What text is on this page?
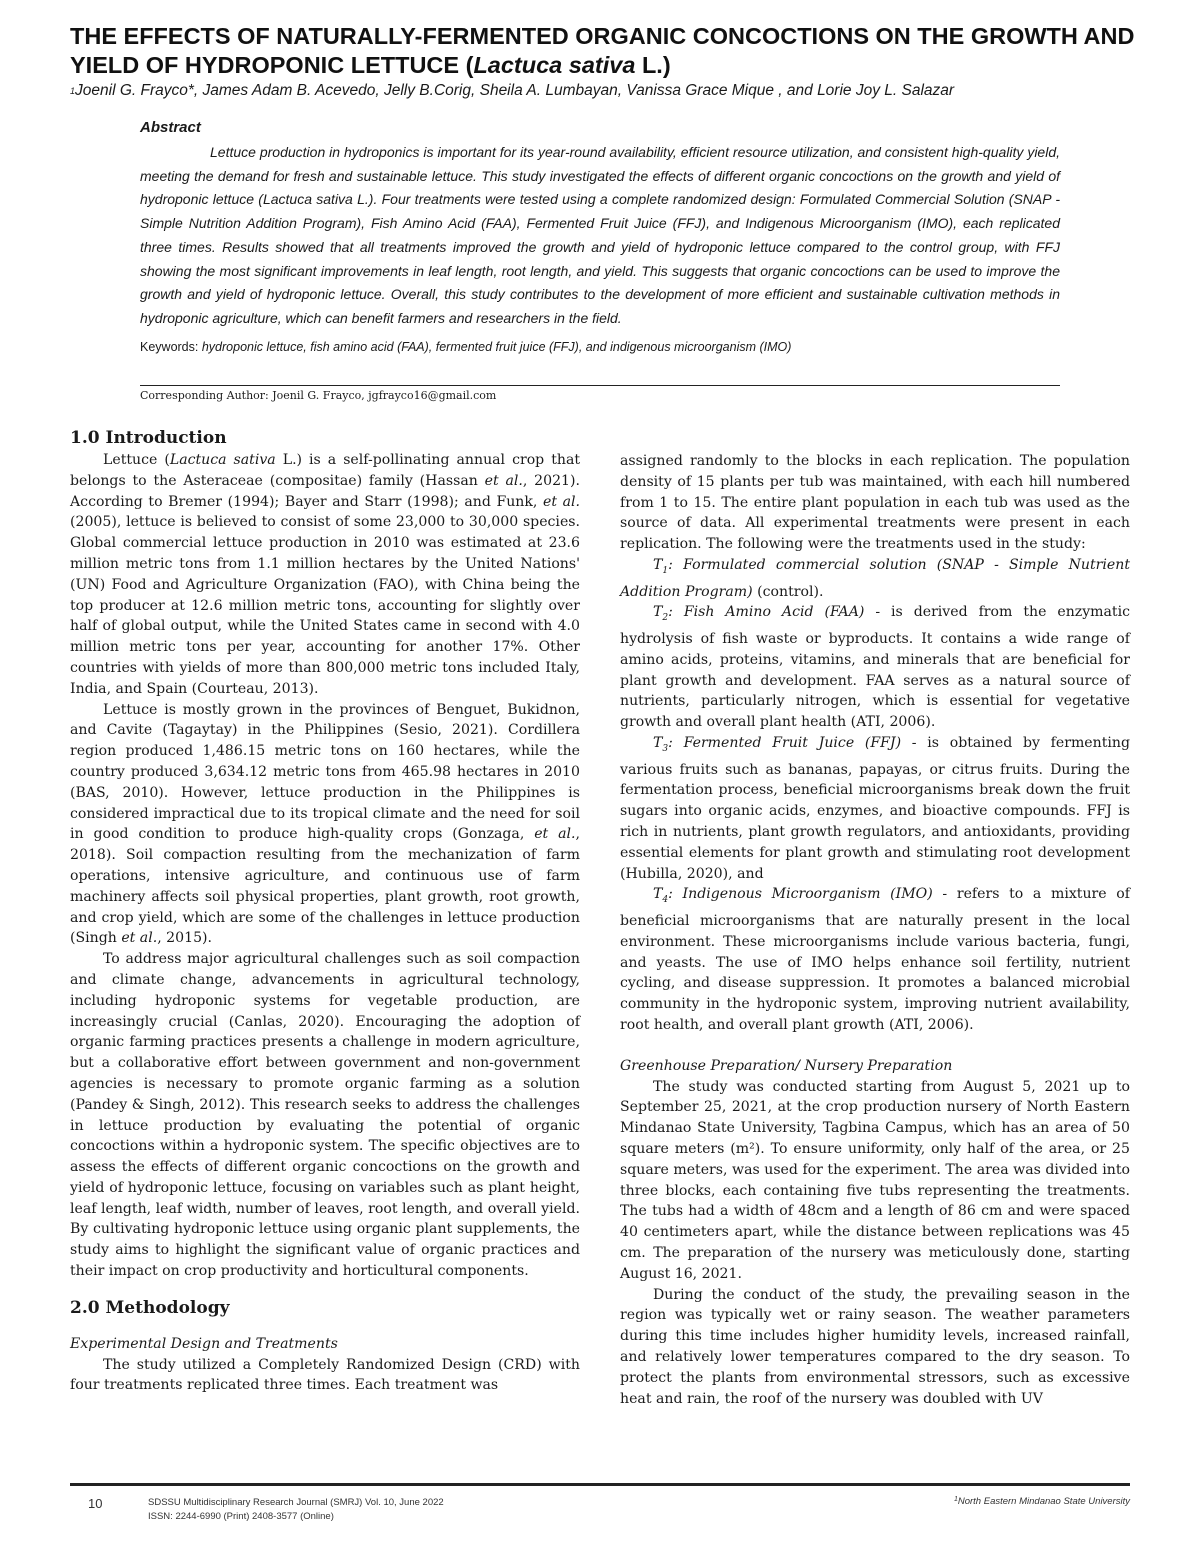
THE EFFECTS OF NATURALLY-FERMENTED ORGANIC CONCOCTIONS ON THE GROWTH AND YIELD OF HYDROPONIC LETTUCE (Lactuca sativa L.)
$^1$Joenil G. Frayco*, James Adam B. Acevedo, Jelly B.Corig, Sheila A. Lumbayan, Vanissa Grace Mique , and Lorie Joy L. Salazar
Abstract
Lettuce production in hydroponics is important for its year-round availability, efficient resource utilization, and consistent high-quality yield, meeting the demand for fresh and sustainable lettuce. This study investigated the effects of different organic concoctions on the growth and yield of hydroponic lettuce (Lactuca sativa L.). Four treatments were tested using a complete randomized design: Formulated Commercial Solution (SNAP - Simple Nutrition Addition Program), Fish Amino Acid (FAA), Fermented Fruit Juice (FFJ), and Indigenous Microorganism (IMO), each replicated three times. Results showed that all treatments improved the growth and yield of hydroponic lettuce compared to the control group, with FFJ showing the most significant improvements in leaf length, root length, and yield. This suggests that organic concoctions can be used to improve the growth and yield of hydroponic lettuce. Overall, this study contributes to the development of more efficient and sustainable cultivation methods in hydroponic agriculture, which can benefit farmers and researchers in the field.
Keywords: hydroponic lettuce, fish amino acid (FAA), fermented fruit juice (FFJ), and indigenous microorganism (IMO)
Corresponding Author: Joenil G. Frayco, jgfrayco16@gmail.com
1.0 Introduction

Lettuce (Lactuca sativa L.) is a self-pollinating annual crop that belongs to the Asteraceae (compositae) family (Hassan et al., 2021). According to Bremer (1994); Bayer and Starr (1998); and Funk, et al. (2005), lettuce is believed to consist of some 23,000 to 30,000 species. Global commercial lettuce production in 2010 was estimated at 23.6 million metric tons from 1.1 million hectares by the United Nations' (UN) Food and Agriculture Organization (FAO), with China being the top producer at 12.6 million metric tons, accounting for slightly over half of global output, while the United States came in second with 4.0 million metric tons per year, accounting for another 17%. Other countries with yields of more than 800,000 metric tons included Italy, India, and Spain (Courteau, 2013).

Lettuce is mostly grown in the provinces of Benguet, Bukidnon, and Cavite (Tagaytay) in the Philippines (Sesio, 2021). Cordillera region produced 1,486.15 metric tons on 160 hectares, while the country produced 3,634.12 metric tons from 465.98 hectares in 2010 (BAS, 2010). However, lettuce production in the Philippines is considered impractical due to its tropical climate and the need for soil in good condition to produce high-quality crops (Gonzaga, et al., 2018). Soil compaction resulting from the mechanization of farm operations, intensive agriculture, and continuous use of farm machinery affects soil physical properties, plant growth, root growth, and crop yield, which are some of the challenges in lettuce production (Singh et al., 2015).

To address major agricultural challenges such as soil compaction and climate change, advancements in agricultural technology, including hydroponic systems for vegetable production, are increasingly crucial (Canlas, 2020). Encouraging the adoption of organic farming practices presents a challenge in modern agriculture, but a collaborative effort between government and non-government agencies is necessary to promote organic farming as a solution (Pandey & Singh, 2012). This research seeks to address the challenges in lettuce production by evaluating the potential of organic concoctions within a hydroponic system. The specific objectives are to assess the effects of different organic concoctions on the growth and yield of hydroponic lettuce, focusing on variables such as plant height, leaf length, leaf width, number of leaves, root length, and overall yield. By cultivating hydroponic lettuce using organic plant supplements, the study aims to highlight the significant value of organic practices and their impact on crop productivity and horticultural components.

2.0 Methodology
Experimental Design and Treatments

The study utilized a Completely Randomized Design (CRD) with four treatments replicated three times. Each treatment was

assigned randomly to the blocks in each replication. The population density of 15 plants per tub was maintained, with each hill numbered from 1 to 15. The entire plant population in each tub was used as the source of data. All experimental treatments were present in each replication. The following were the treatments used in the study:

$T_1$: Formulated commercial solution (SNAP - Simple Nutrient Addition Program) (control).

$T_2$: Fish Amino Acid (FAA) - is derived from the enzymatic hydrolysis of fish waste or byproducts. It contains a wide range of amino acids, proteins, vitamins, and minerals that are beneficial for plant growth and development. FAA serves as a natural source of nutrients, particularly nitrogen, which is essential for vegetative growth and overall plant health (ATI, 2006).

$T_3$: Fermented Fruit Juice (FFJ) - is obtained by fermenting various fruits such as bananas, papayas, or citrus fruits. During the fermentation process, beneficial microorganisms break down the fruit sugars into organic acids, enzymes, and bioactive compounds. FFJ is rich in nutrients, plant growth regulators, and antioxidants, providing essential elements for plant growth and stimulating root development (Hubilla, 2020), and

$T_4$: Indigenous Microorganism (IMO) - refers to a mixture of beneficial microorganisms that are naturally present in the local environment. These microorganisms include various bacteria, fungi, and yeasts. The use of IMO helps enhance soil fertility, nutrient cycling, and disease suppression. It promotes a balanced microbial community in the hydroponic system, improving nutrient availability, root health, and overall plant growth (ATI, 2006).

Greenhouse Preparation/ Nursery Preparation

The study was conducted starting from August 5, 2021 up to September 25, 2021, at the crop production nursery of North Eastern Mindanao State University, Tagbina Campus, which has an area of 50 square meters (m²). To ensure uniformity, only half of the area, or 25 square meters, was used for the experiment. The area was divided into three blocks, each containing five tubs representing the treatments. The tubs had a width of 48cm and a length of 86 cm and were spaced 40 centimeters apart, while the distance between replications was 45 cm. The preparation of the nursery was meticulously done, starting August 16, 2021.

During the conduct of the study, the prevailing season in the region was typically wet or rainy season. The weather parameters during this time includes higher humidity levels, increased rainfall, and relatively lower temperatures compared to the dry season. To protect the plants from environmental stressors, such as excessive heat and rain, the roof of the nursery was doubled with UV

10	SDSSU Multidisciplinary Research Journal (SMRJ) Vol. 10, June 2022
ISSN: 2244-6990 (Print) 2408-3577 (Online)
$^1$North Eastern Mindanao State University
